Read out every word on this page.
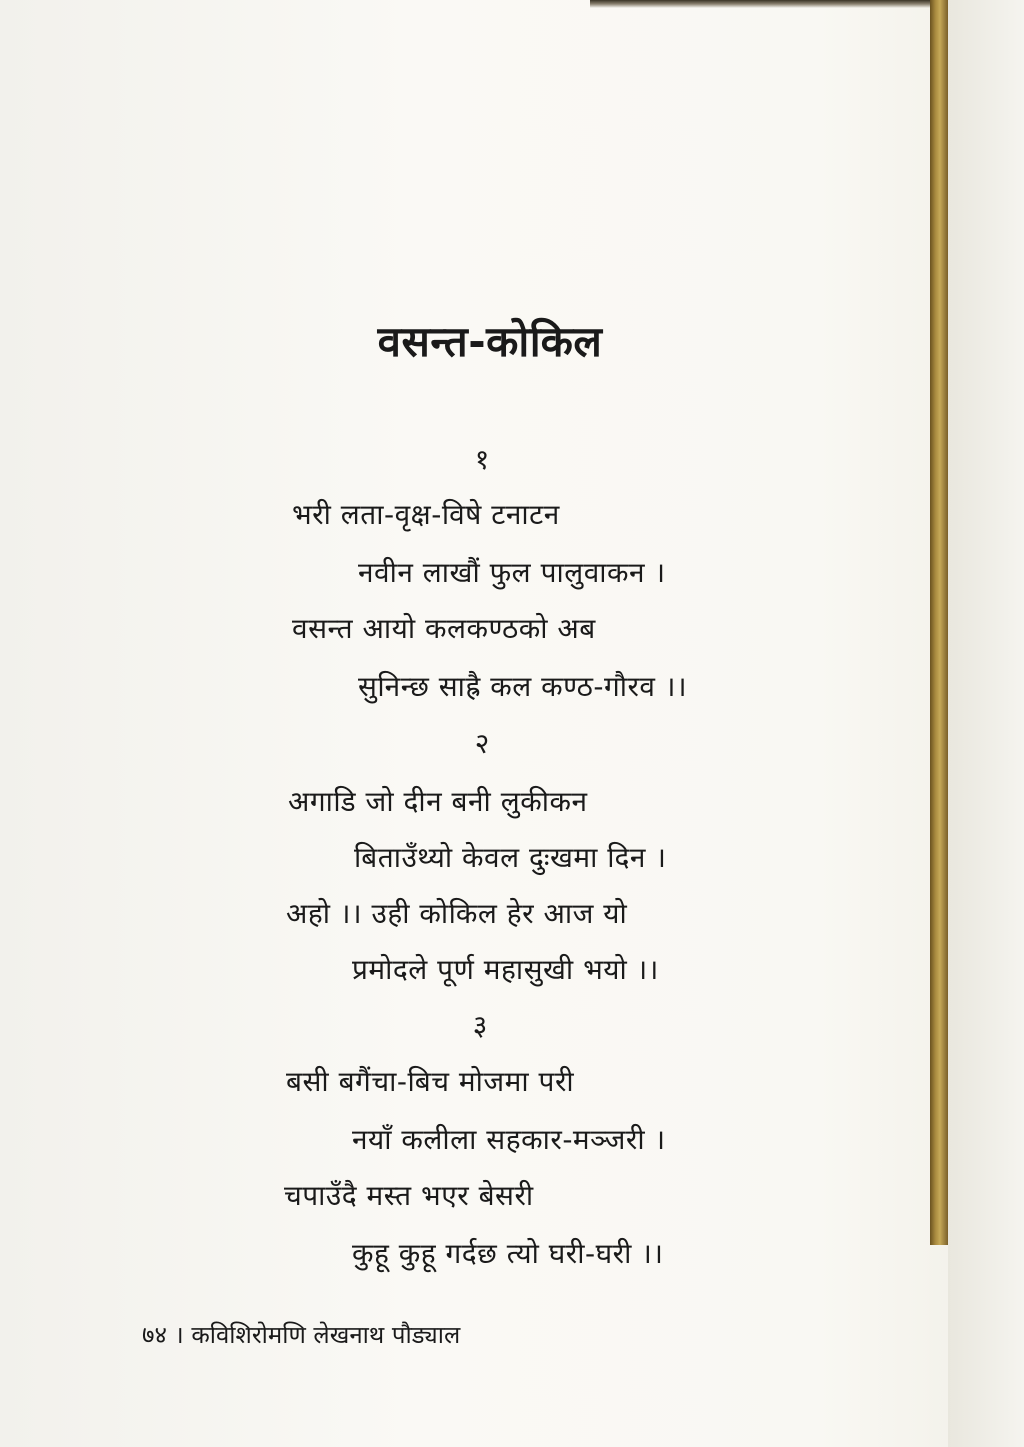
वसन्त-कोकिल
१
भरी लता-वृक्ष-विषे टनाटन
नवीन लाखौं फुल पालुवाकन ।
वसन्त आयो कलकण्ठको अब
सुनिन्छ साह्रै कल कण्ठ-गौरव ।।
२
अगाडि जो दीन बनी लुकीकन
बिताउँथ्यो केवल दुःखमा दिन ।
अहो ।। उही कोकिल हेर आज यो
प्रमोदले पूर्ण महासुखी भयो ।।
३
बसी बगैंचा-बिच मोजमा परी
नयाँ कलीला सहकार-मञ्जरी ।
चपाउँदै मस्त भएर बेसरी
कुहू कुहू गर्दछ त्यो घरी-घरी ।।
७४ । कविशिरोमणि लेखनाथ पौड्याल
